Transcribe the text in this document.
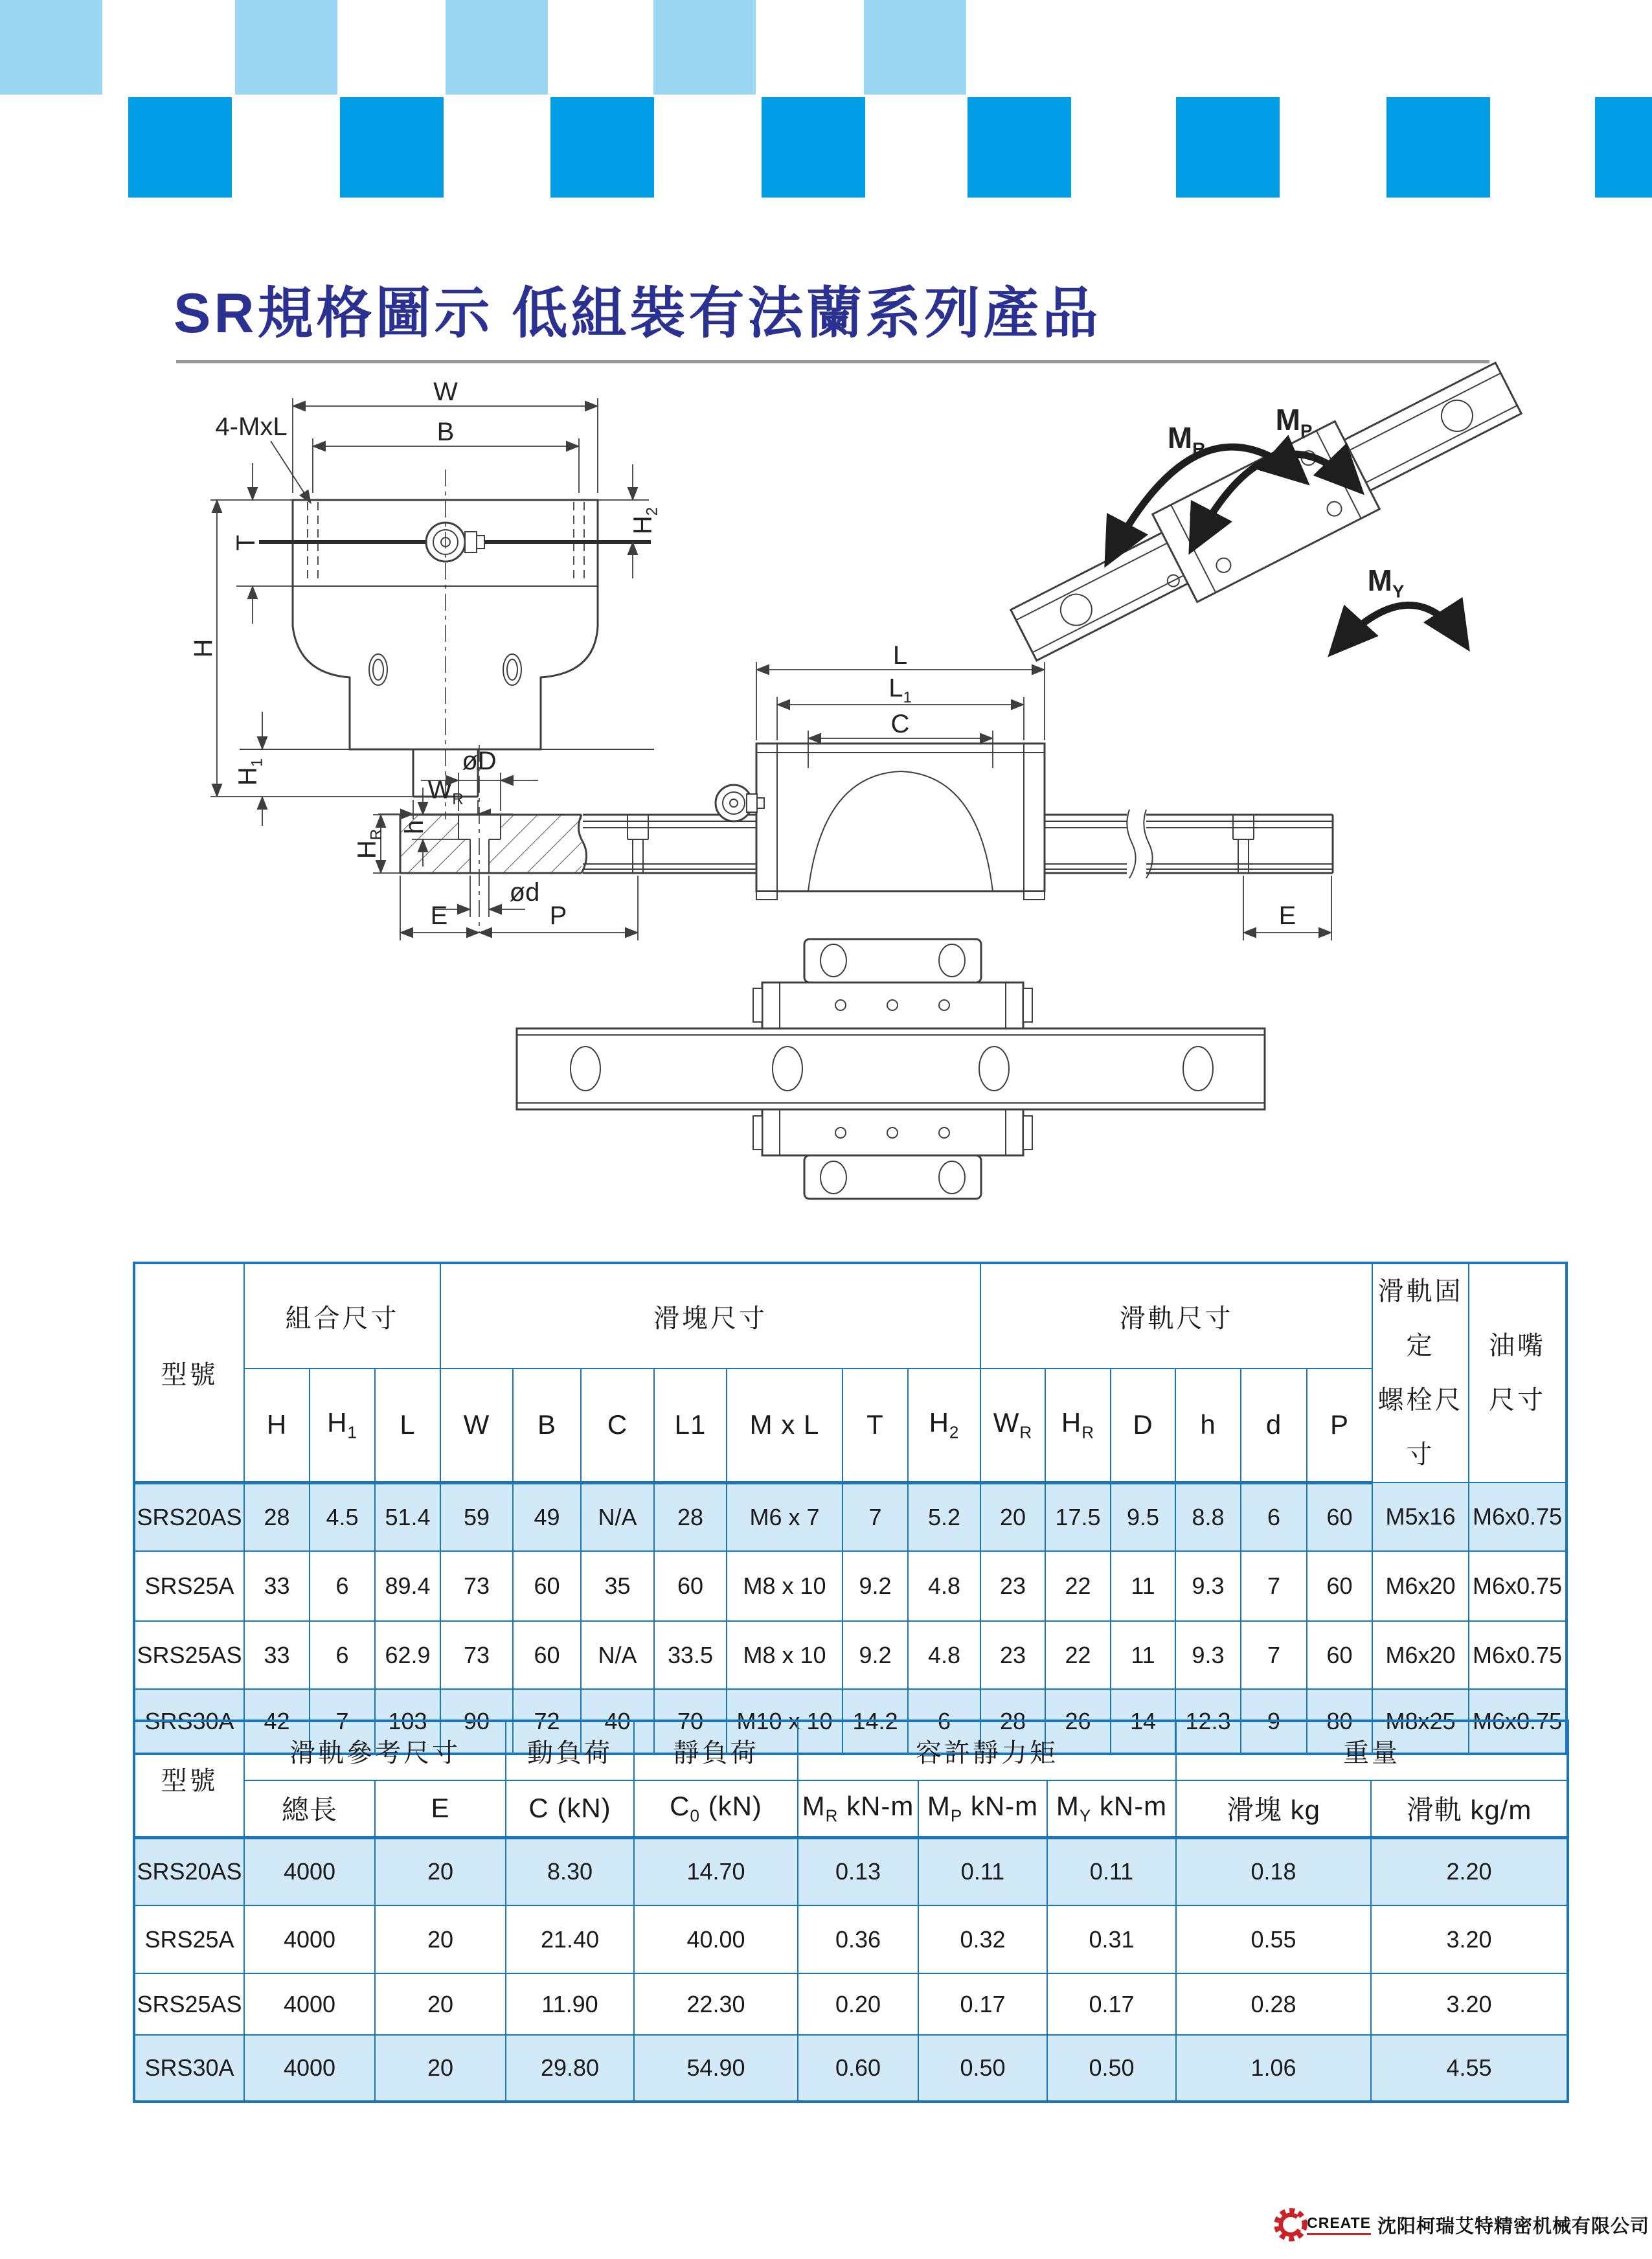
SR規格圖示 低組裝有法蘭系列產品
4-MxL
W
B
T
H
$H_1$
$H_2$
$W_R$
$M_R$
$M_P$
$M_Y$
L
$L_1$
C
øD
h
$H_R$
ød
E	P	E
型號	組合尺寸			滑塊尺寸							滑軌尺寸						滑軌固定
螺栓尺寸	油嘴
尺寸
	H	$H_1$	L	W	B	C	L1	M x L	T	$H_2$	$W_R$	$H_R$	D	h	d	P		
SRS20AS	28	4.5	51.4	59	49	N/A	28	M6 x 7	7	5.2	20	17.5	9.5	8.8	6	60	M5x16	M6x0.75
SRS25A	33	6	89.4	73	60	35	60	M8 x 10	9.2	4.8	23	22	11	9.3	7	60	M6x20	M6x0.75
SRS25AS	33	6	62.9	73	60	N/A	33.5	M8 x 10	9.2	4.8	23	22	11	9.3	7	60	M6x20	M6x0.75
SRS30A	42	7	103	90	72	40	70	M10 x 10	14.2	6	28	26	14	12.3	9	80	M8x25	M6x0.75
型號	滑軌參考尺寸		動負荷	靜負荷	容許靜力矩			重量	
	總長	E	C (kN)	$C_0$ (kN)	$M_R$ kN-m	$M_P$ kN-m	$M_Y$ kN-m	滑塊 kg	滑軌 kg/m
SRS20AS	4000	20	8.30	14.70	0.13	0.11	0.11	0.18	2.20
SRS25A	4000	20	21.40	40.00	0.36	0.32	0.31	0.55	3.20
SRS25AS	4000	20	11.90	22.30	0.20	0.17	0.17	0.28	3.20
SRS30A	4000	20	29.80	54.90	0.60	0.50	0.50	1.06	4.55
CREATE 沈阳柯瑞艾特精密机械有限公司
